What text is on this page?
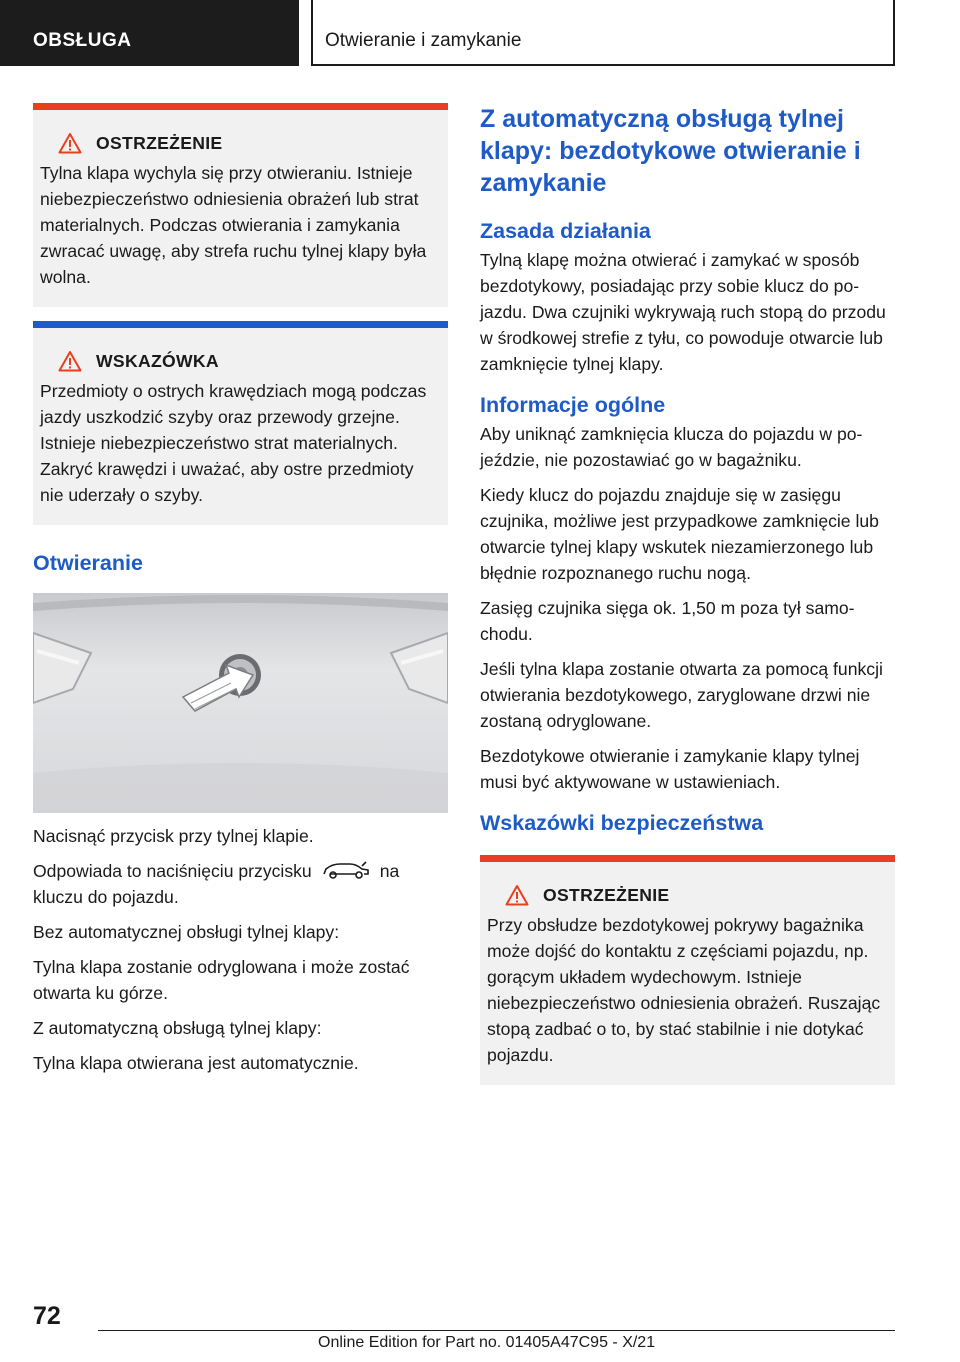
OBSŁUGA	Otwieranie i zamykanie
OSTRZEŻENIE

Tylna klapa wychyla się przy otwieraniu. Istnieje niebezpieczeństwo odniesienia obrażeń lub strat materialnych. Podczas otwierania i zamykania zwracać uwagę, aby strefa ruchu tylnej klapy była wolna.

WSKAZÓWKA

Przedmioty o ostrych krawędziach mogą podczas jazdy uszkodzić szyby oraz przewody grzejne. Istnieje niebezpieczeństwo strat materialnych. Zakryć krawędzi i uważać, aby ostre przedmioty nie uderzały o szyby.

Otwieranie

Nacisnąć przycisk przy tylnej klapie.

Odpowiada to naciśnięciu przycisku	na kluczu do pojazdu.

Bez automatycznej obsługi tylnej klapy:

Tylna klapa zostanie odryglowana i może zostać otwarta ku górze.

Z automatyczną obsługą tylnej klapy:

Tylna klapa otwierana jest automatycznie.

Z automatyczną obsługą tylnej klapy: bezdotykowe otwieranie i zamykanie
Zasada działania

Tylną klapę można otwierać i zamykać w sposób bezdotykowy, posiadając przy sobie klucz do pojazdu. Dwa czujniki wykrywają ruch stopą do przodu w środkowej strefie z tyłu, co powoduje otwarcie lub zamknięcie tylnej klapy.

Informacje ogólne

Aby uniknąć zamknięcia klucza do pojazdu w pojeździe, nie pozostawiać go w bagażniku.

Kiedy klucz do pojazdu znajduje się w zasięgu czujnika, możliwe jest przypadkowe zamknięcie lub otwarcie tylnej klapy wskutek niezamierzonego lub błędnie rozpoznanego ruchu nogą.

Zasięg czujnika sięga ok. 1,50 m poza tył samochodu.

Jeśli tylna klapa zostanie otwarta za pomocą funkcji otwierania bezdotykowego, zaryglowane drzwi nie zostaną odryglowane.

Bezdotykowe otwieranie i zamykanie klapy tylnej musi być aktywowane w ustawieniach.

Wskazówki bezpieczeństwa
OSTRZEŻENIE

Przy obsłudze bezdotykowej pokrywy bagażnika może dojść do kontaktu z częściami pojazdu, np. gorącym układem wydechowym. Istnieje niebezpieczeństwo odniesienia obrażeń. Ruszając stopą zadbać o to, by stać stabilnie i nie dotykać pojazdu.

72
Online Edition for Part no. 01405A47C95 - X/21
